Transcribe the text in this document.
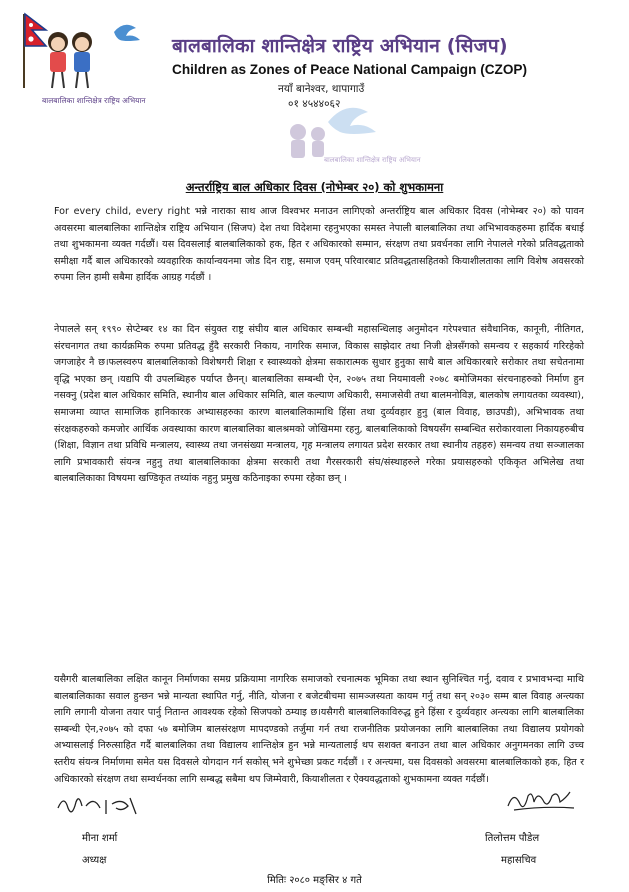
बालबालिका शान्तिक्षेत्र राष्ट्रिय अभियान
बालबालिका शान्तिक्षेत्र राष्ट्रिय अभियान (सिजप)
Children as Zones of Peace National Campaign (CZOP)
नयाँ बानेश्वर, थापागाउँ
०१ ४५४४०६२
बालबालिका शान्तिक्षेत्र राष्ट्रिय अभियान
अन्तर्राष्ट्रिय बाल अधिकार दिवस (नोभेम्बर २०) को शुभकामना

For every child, every right भन्ने नाराका साथ आज विश्वभर मनाउन लागिएको अन्तर्राष्ट्रिय बाल अधिकार दिवस (नोभेम्बर २०) को पावन अवसरमा बालबालिका शान्तिक्षेत्र राष्ट्रिय अभियान (सिजप) देश तथा विदेशमा रहनुभएका समस्त नेपाली बालबालिका तथा अभिभावकहरुमा हार्दिक बधाई तथा शुभकामना व्यक्त गर्दछौं। यस दिवसलाई बालबालिकाको हक, हित र अधिकारको सम्मान, संरक्षण तथा प्रवर्धनका लागि नेपालले गरेको प्रतिवद्धताको समीक्षा गर्दै बाल अधिकारको व्यवहारिक कार्यान्वयनमा जोड दिन राष्ट्र, समाज एवम् परिवारबाट प्रतिवद्धतासहितको कियाशीलताका लागि विशेष अवसरको रुपमा लिन हामी सबैमा हार्दिक आग्रह गर्दछौं ।

नेपालले सन् १९९० सेप्टेम्बर १४ का दिन संयुक्त राष्ट्र संघीय बाल अधिकार सम्बन्धी महासन्धिलाइ अनुमोदन गरेपश्चात संवैधानिक, कानूनी, नीतिगत, संरचनागत तथा कार्यक्रमिक रुपमा प्रतिवद्ध हुँदै सरकारी निकाय, नागरिक समाज, विकास साझेदार तथा निजी क्षेत्रसँगको समन्वय र सहकार्य गरिरहेको जगजाहेर नै छ।फलस्वरुप बालबालिकाको विशेषगरी शिक्षा र स्वास्थ्यको क्षेत्रमा सकारात्मक सुधार हुनुका साथै बाल अधिकारबारे सरोकार तथा सचेतनामा वृद्धि भएका छन् ।यद्यपि यी उपलब्धिहरु पर्याप्त छैनन्। बालबालिका सम्बन्धी ऐन, २०७५ तथा नियमावली २०७८ बमोजिमका संरचनाहरुको निर्माण हुन नसक्नु (प्रदेश बाल अधिकार समिति, स्थानीय बाल अधिकार समिति, बाल कल्याण अधिकारी, समाजसेवी तथा बालमनोविज्ञ, बालकोष लगायतका व्यवस्था), समाजमा व्याप्त सामाजिक हानिकारक अभ्यासहरुका कारण बालबालिकामाथि हिंसा तथा दुर्व्यवहार हुनु (बाल विवाह, छाउपडी), अभिभावक तथा संरक्षकहरुको कमजोर आर्थिक अवस्थाका कारण बालबालिका बालश्रमको जोखिममा रहनु, बालबालिकाको विषयसँग सम्बन्धित सरोकारवाला निकायहरुबीच (शिक्षा, विज्ञान तथा प्रविधि मन्त्रालय, स्वास्थ्य तथा जनसंख्या मन्त्रालय, गृह मन्त्रालय लगायत प्रदेश सरकार तथा स्थानीय तहहरु) समन्वय तथा सञ्जालका लागि प्रभावकारी संयन्त्र नहुनु तथा बालबालिकाका क्षेत्रमा सरकारी तथा गैरसरकारी संघ/संस्थाहरुले गरेका प्रयासहरुको एकिकृत अभिलेख तथा बालबालिकाका विषयमा खण्डिकृत तथ्यांक नहुनु प्रमुख कठिनाइका रुपमा रहेका छन् ।

यसैगरी बालबालिका लक्षित कानून निर्माणका समग्र प्रक्रियामा नागरिक समाजको रचनात्मक भूमिका तथा स्थान सुनिश्चित गर्नु, दवाव र प्रभावभन्दा माथि बालबालिकाका सवाल हुन्छन भन्ने मान्यता स्थापित गर्नु, नीति, योजना र बजेटबीचमा सामञ्जस्यता कायम गर्नु तथा सन् २०३० सम्म बाल विवाह अन्त्यका लागि लगानी योजना तयार पार्नु नितान्त आवश्यक रहेको सिजपको ठम्याइ छ।यसैगरी बालबालिकाविरुद्ध हुने हिंसा र दुर्व्यवहार अन्त्यका लागि बालबालिका सम्बन्धी ऐन,२०७५ को दफा ५७ बमोजिम बालसंरक्षण मापदण्डको तर्जुमा गर्न तथा राजनीतिक प्रयोजनका लागि बालबालिका तथा विद्यालय प्रयोगको अभ्यासलाई निरुत्साहित गर्दै बालबालिका तथा विद्यालय शान्तिक्षेत्र हुन भन्ने मान्यतालाई थप सशक्त बनाउन तथा बाल अधिकार अनुगमनका लागि उच्च स्तरीय संयन्त्र निर्माणमा समेत यस दिवसले योगदान गर्न सकोस् भने शुभेच्छा प्रकट गर्दछौं । र अन्त्यमा, यस दिवसको अवसरमा बालबालिकाको हक, हित र अधिकारको संरक्षण तथा सम्वर्धनका लागि सम्बद्ध सबैमा थप जिम्मेवारी, कियाशीलता र ऐक्यवद्धताको शुभकामना व्यक्त गर्दछौं।

मीना शर्मा
अध्यक्ष
तिलोत्तम पौडेल
महासचिव
मितिः २०८० मङ्सिर ४ गते
